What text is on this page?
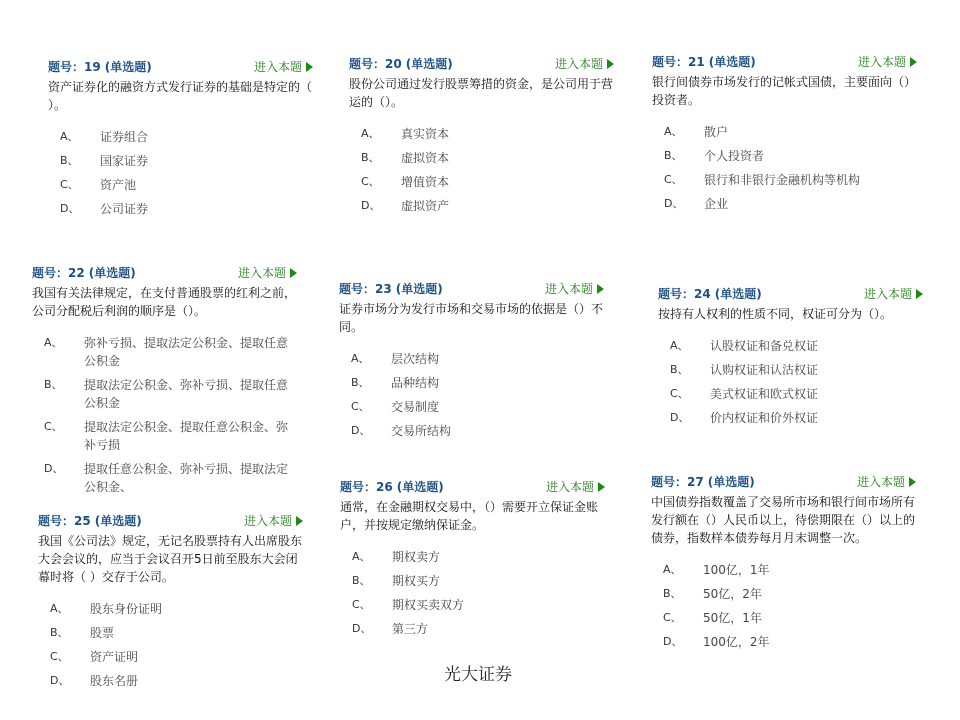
题号：19 (单选题)	进入本题
资产证券化的融资方式发行证券的基础是特定的（ ）。
A、	证券组合
B、	国家证券
C、	资产池
D、	公司证券
题号：20 (单选题)	进入本题
股份公司通过发行股票筹措的资金，是公司用于营运的（）。
A、	真实资本
B、	虚拟资本
C、	增值资本
D、	虚拟资产
题号：21 (单选题)	进入本题
银行间债券市场发行的记帐式国债，主要面向（）投资者。
A、	散户
B、	个人投资者
C、	银行和非银行金融机构等机构
D、	企业
题号：22 (单选题)	进入本题
我国有关法律规定，在支付普通股票的红利之前，公司分配税后利润的顺序是（）。
A、	弥补亏损、提取法定公积金、提取任意公积金
B、	提取法定公积金、弥补亏损、提取任意公积金
C、	提取法定公积金、提取任意公积金、弥补亏损
D、	提取任意公积金、弥补亏损、提取法定公积金、
题号：23 (单选题)	进入本题
证券市场分为发行市场和交易市场的依据是（）不同。
A、	层次结构
B、	品种结构
C、	交易制度
D、	交易所结构
题号：24 (单选题)	进入本题
按持有人权利的性质不同，权证可分为（）。
A、	认股权证和备兑权证
B、	认购权证和认沽权证
C、	美式权证和欧式权证
D、	价内权证和价外权证
题号：25 (单选题)	进入本题
我国《公司法》规定，无记名股票持有人出席股东大会会议的，应当于会议召开5日前至股东大会闭幕时将（ ）交存于公司。
A、	股东身份证明
B、	股票
C、	资产证明
D、	股东名册
题号：26 (单选题)	进入本题
通常，在金融期权交易中，（）需要开立保证金账户，并按规定缴纳保证金。
A、	期权卖方
B、	期权买方
C、	期权买卖双方
D、	第三方
题号：27 (单选题)	进入本题
中国债券指数覆盖了交易所市场和银行间市场所有发行额在（）人民币以上，待偿期限在（）以上的债券，指数样本债券每月月末调整一次。
A、	100亿，1年
B、	50亿，2年
C、	50亿，1年
D、	100亿，2年
光大证券
